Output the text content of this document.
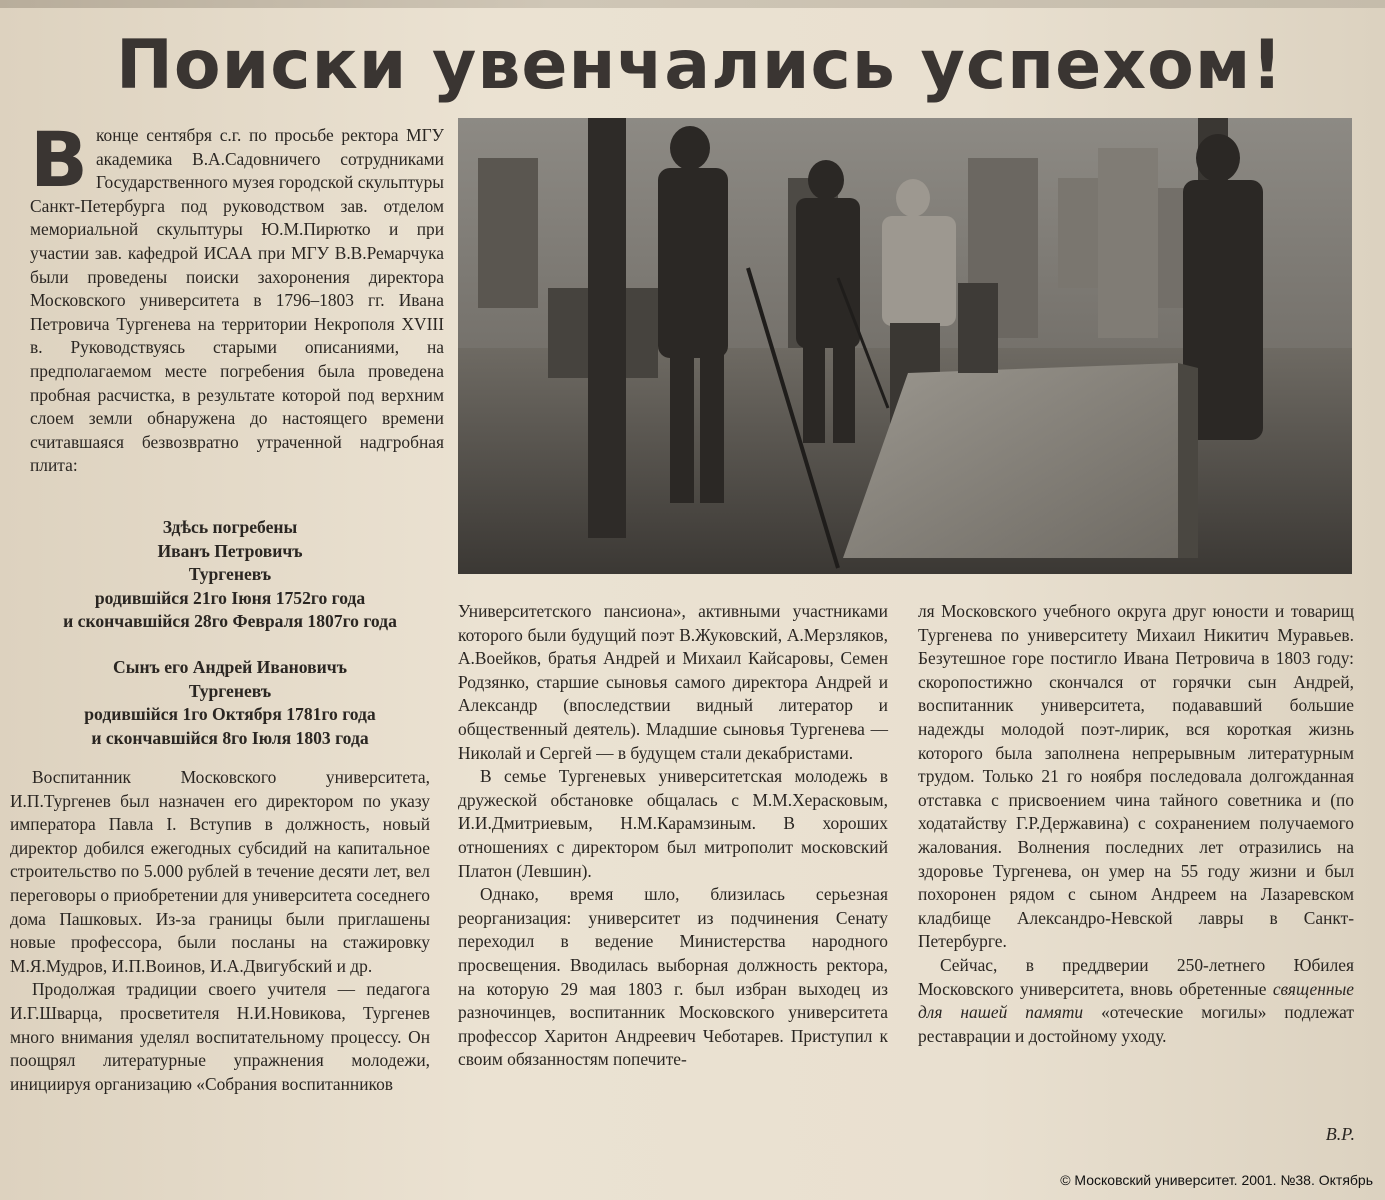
Поиски увенчались успехом!

Вконце сентября с.г. по просьбе ректора МГУ академика В.А.Садовничего сотрудниками Государственного музея городской скульптуры Санкт-Петербурга под руководством зав. отделом мемориальной скульптуры Ю.М.Пирютко и при участии зав. кафедрой ИСАА при МГУ В.В.Ремарчука были проведены поиски захоронения директора Московского университета в 1796–1803 гг. Ивана Петровича Тургенева на территории Некрополя XVIII в. Руководствуясь старыми описаниями, на предполагаемом месте погребения была проведена пробная расчистка, в результате которой под верхним слоем земли обнаружена до настоящего времени считавшаяся безвозвратно утраченной надгробная плита:

Здѣсь погребены
Иванъ Петровичъ
Тургеневъ
родившійся 21го Іюня 1752го года
и скончавшійся 28го Февраля 1807го года
Сынъ его Андрей Ивановичъ
Тургеневъ
родившійся 1го Октября 1781го года
и скончавшійся 8го Іюля 1803 года

Воспитанник Московского университета, И.П.Тургенев был назначен его директором по указу императора Павла I. Вступив в должность, новый директор добился ежегодных субсидий на капитальное строительство по 5.000 рублей в течение десяти лет, вел переговоры о приобретении для университета соседнего дома Пашковых. Из-за границы были приглашены новые профессора, были посланы на стажировку М.Я.Мудров, И.П.Воинов, И.А.Двигубский и др.

Продолжая традиции своего учителя — педагога И.Г.Шварца, просветителя Н.И.Новикова, Тургенев много внимания уделял воспитательному процессу. Он поощрял литературные упражнения молодежи, инициируя организацию «Собрания воспитанников

Университетского пансиона», активными участниками которого были будущий поэт В.Жуковский, А.Мерзляков, А.Воейков, братья Андрей и Михаил Кайсаровы, Семен Родзянко, старшие сыновья самого директора Андрей и Александр (впоследствии видный литератор и общественный деятель). Младшие сыновья Тургенева — Николай и Сергей — в будущем стали декабристами.

В семье Тургеневых университетская молодежь в дружеской обстановке общалась с М.М.Херасковым, И.И.Дмитриевым, Н.М.Карамзиным. В хороших отношениях с директором был митрополит московский Платон (Левшин).

Однако, время шло, близилась серьезная реорганизация: университет из подчинения Сенату переходил в ведение Министерства народного просвещения. Вводилась выборная должность ректора, на которую 29 мая 1803 г. был избран выходец из разночинцев, воспитанник Московского университета профессор Харитон Андреевич Чеботарев. Приступил к своим обязанностям попечите-

ля Московского учебного округа друг юности и товарищ Тургенева по университету Михаил Никитич Муравьев. Безутешное горе постигло Ивана Петровича в 1803 году: скоропостижно скончался от горячки сын Андрей, воспитанник университета, подававший большие надежды молодой поэт-лирик, вся короткая жизнь которого была заполнена непрерывным литературным трудом. Только 21 го ноября последовала долгожданная отставка с присвоением чина тайного советника и (по ходатайству Г.Р.Державина) с сохранением получаемого жалования. Волнения последних лет отразились на здоровье Тургенева, он умер на 55 году жизни и был похоронен рядом с сыном Андреем на Лазаревском кладбище Александро-Невской лавры в Санкт-Петербурге.

Сейчас, в преддверии 250-летнего Юбилея Московского университета, вновь обретенные священные для нашей памяти «отеческие могилы» подлежат реставрации и достойному уходу.

В.Р.
© Московский университет. 2001. №38. Октябрь
